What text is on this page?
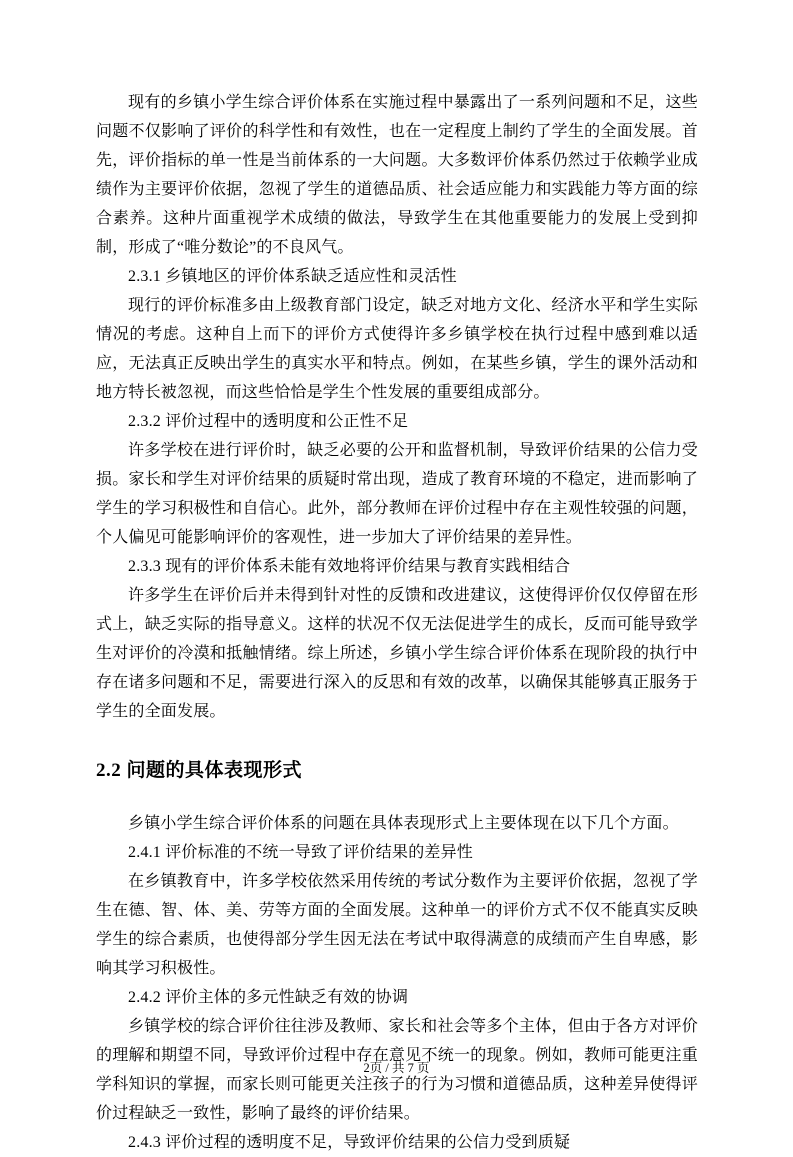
现有的乡镇小学生综合评价体系在实施过程中暴露出了一系列问题和不足，这些问题不仅影响了评价的科学性和有效性，也在一定程度上制约了学生的全面发展。首先，评价指标的单一性是当前体系的一大问题。大多数评价体系仍然过于依赖学业成绩作为主要评价依据，忽视了学生的道德品质、社会适应能力和实践能力等方面的综合素养。这种片面重视学术成绩的做法，导致学生在其他重要能力的发展上受到抑制，形成了“唯分数论”的不良风气。

2.3.1 乡镇地区的评价体系缺乏适应性和灵活性

现行的评价标准多由上级教育部门设定，缺乏对地方文化、经济水平和学生实际情况的考虑。这种自上而下的评价方式使得许多乡镇学校在执行过程中感到难以适应，无法真正反映出学生的真实水平和特点。例如，在某些乡镇，学生的课外活动和地方特长被忽视，而这些恰恰是学生个性发展的重要组成部分。

2.3.2 评价过程中的透明度和公正性不足

许多学校在进行评价时，缺乏必要的公开和监督机制，导致评价结果的公信力受损。家长和学生对评价结果的质疑时常出现，造成了教育环境的不稳定，进而影响了学生的学习积极性和自信心。此外，部分教师在评价过程中存在主观性较强的问题，个人偏见可能影响评价的客观性，进一步加大了评价结果的差异性。

2.3.3 现有的评价体系未能有效地将评价结果与教育实践相结合

许多学生在评价后并未得到针对性的反馈和改进建议，这使得评价仅仅停留在形式上，缺乏实际的指导意义。这样的状况不仅无法促进学生的成长，反而可能导致学生对评价的冷漠和抵触情绪。综上所述，乡镇小学生综合评价体系在现阶段的执行中存在诸多问题和不足，需要进行深入的反思和有效的改革，以确保其能够真正服务于学生的全面发展。

2.2 问题的具体表现形式

乡镇小学生综合评价体系的问题在具体表现形式上主要体现在以下几个方面。

2.4.1 评价标准的不统一导致了评价结果的差异性

在乡镇教育中，许多学校依然采用传统的考试分数作为主要评价依据，忽视了学生在德、智、体、美、劳等方面的全面发展。这种单一的评价方式不仅不能真实反映学生的综合素质，也使得部分学生因无法在考试中取得满意的成绩而产生自卑感，影响其学习积极性。

2.4.2 评价主体的多元性缺乏有效的协调

乡镇学校的综合评价往往涉及教师、家长和社会等多个主体，但由于各方对评价的理解和期望不同，导致评价过程中存在意见不统一的现象。例如，教师可能更注重学科知识的掌握，而家长则可能更关注孩子的行为习惯和道德品质，这种差异使得评价过程缺乏一致性，影响了最终的评价结果。

2.4.3 评价过程的透明度不足，导致评价结果的公信力受到质疑

2页 / 共 7 页
